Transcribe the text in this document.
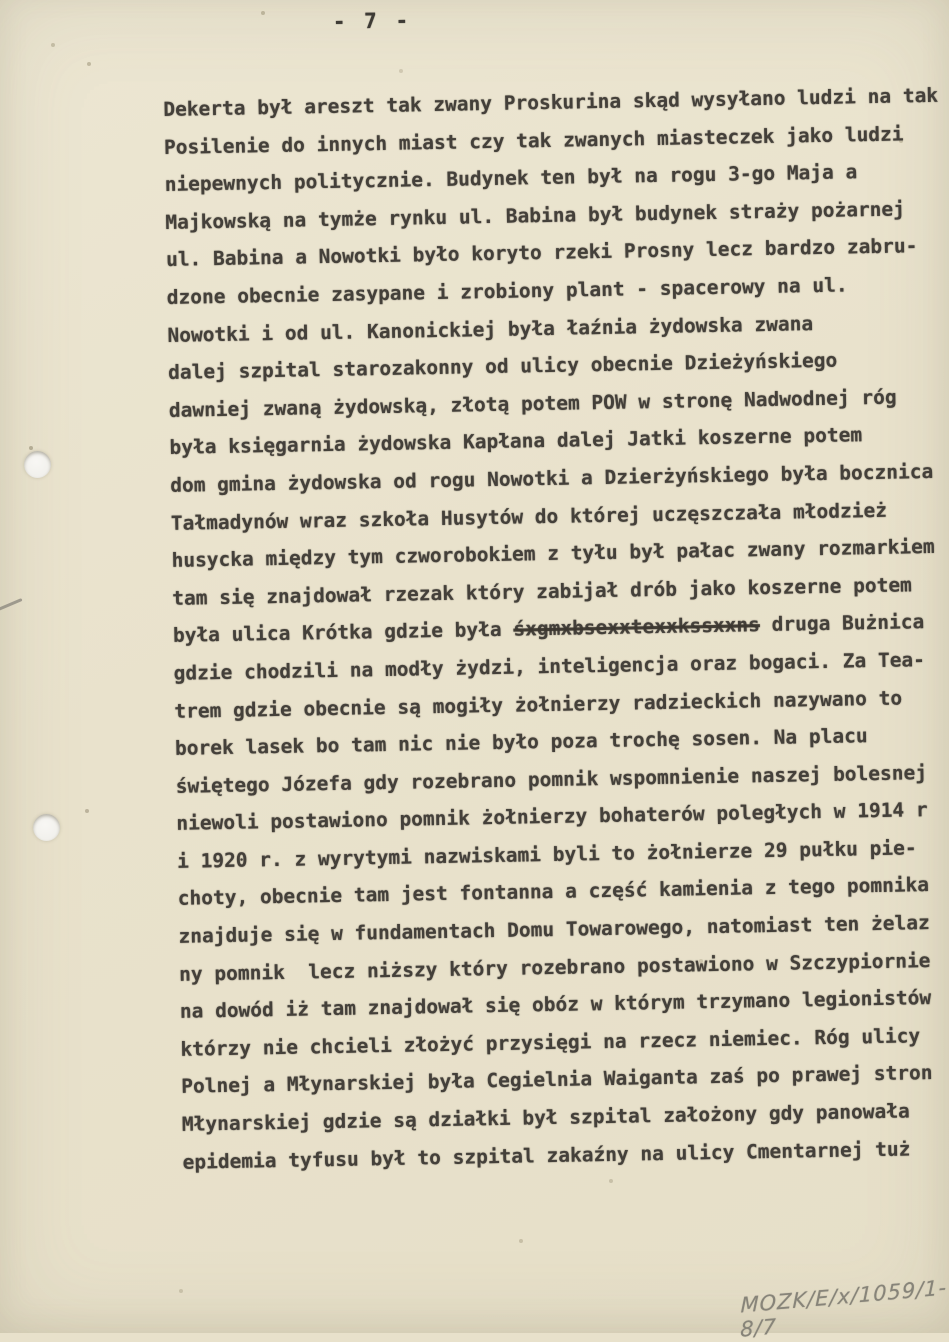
- 7 -
Dekerta był areszt tak zwany Proskurina skąd wysyłano ludzi na tak
Posilenie do innych miast czy tak zwanych miasteczek jako ludzi
niepewnych politycznie. Budynek ten był na rogu 3-go Maja a
Majkowską na tymże rynku ul. Babina był budynek straży pożarnej
ul. Babina a Nowotki było koryto rzeki Prosny lecz bardzo zabru-
dzone obecnie zasypane i zrobiony plant - spacerowy na ul.
Nowotki i od ul. Kanonickiej była łaźnia żydowska zwana
dalej szpital starozakonny od ulicy obecnie Dzieżyńskiego
dawniej zwaną żydowską, złotą potem POW w stronę Nadwodnej róg
była księgarnia żydowska Kapłana dalej Jatki koszerne potem
dom gmina żydowska od rogu Nowotki a Dzierżyńskiego była bocznica
Tałmadynów wraz szkoła Husytów do której uczęszczała młodzież
husycka między tym czworobokiem z tyłu był pałac zwany rozmarkiem
tam się znajdował rzezak który zabijał drób jako koszerne potem
była ulica Krótka gdzie była śxgmxbsexxtexxkssxxns druga Bużnica
gdzie chodzili na modły żydzi, inteligencja oraz bogaci. Za Tea-
trem gdzie obecnie są mogiły żołnierzy radzieckich nazywano to
borek lasek bo tam nic nie było poza trochę sosen. Na placu
świętego Józefa gdy rozebrano pomnik wspomnienie naszej bolesnej
niewoli postawiono pomnik żołnierzy bohaterów poległych w 1914 r
i 1920 r. z wyrytymi nazwiskami byli to żołnierze 29 pułku pie-
choty, obecnie tam jest fontanna a część kamienia z tego pomnika
znajduje się w fundamentach Domu Towarowego, natomiast ten żelaz
ny pomnik  lecz niższy który rozebrano postawiono w Szczypiornie
na dowód iż tam znajdował się obóz w którym trzymano legionistów
którzy nie chcieli złożyć przysięgi na rzecz niemiec. Róg ulicy
Polnej a Młynarskiej była Cegielnia Waiganta zaś po prawej stron
Młynarskiej gdzie są działki był szpital założony gdy panowała
epidemia tyfusu był to szpital zakaźny na ulicy Cmentarnej tuż
MOZK/E/x/1059/1-8/7
